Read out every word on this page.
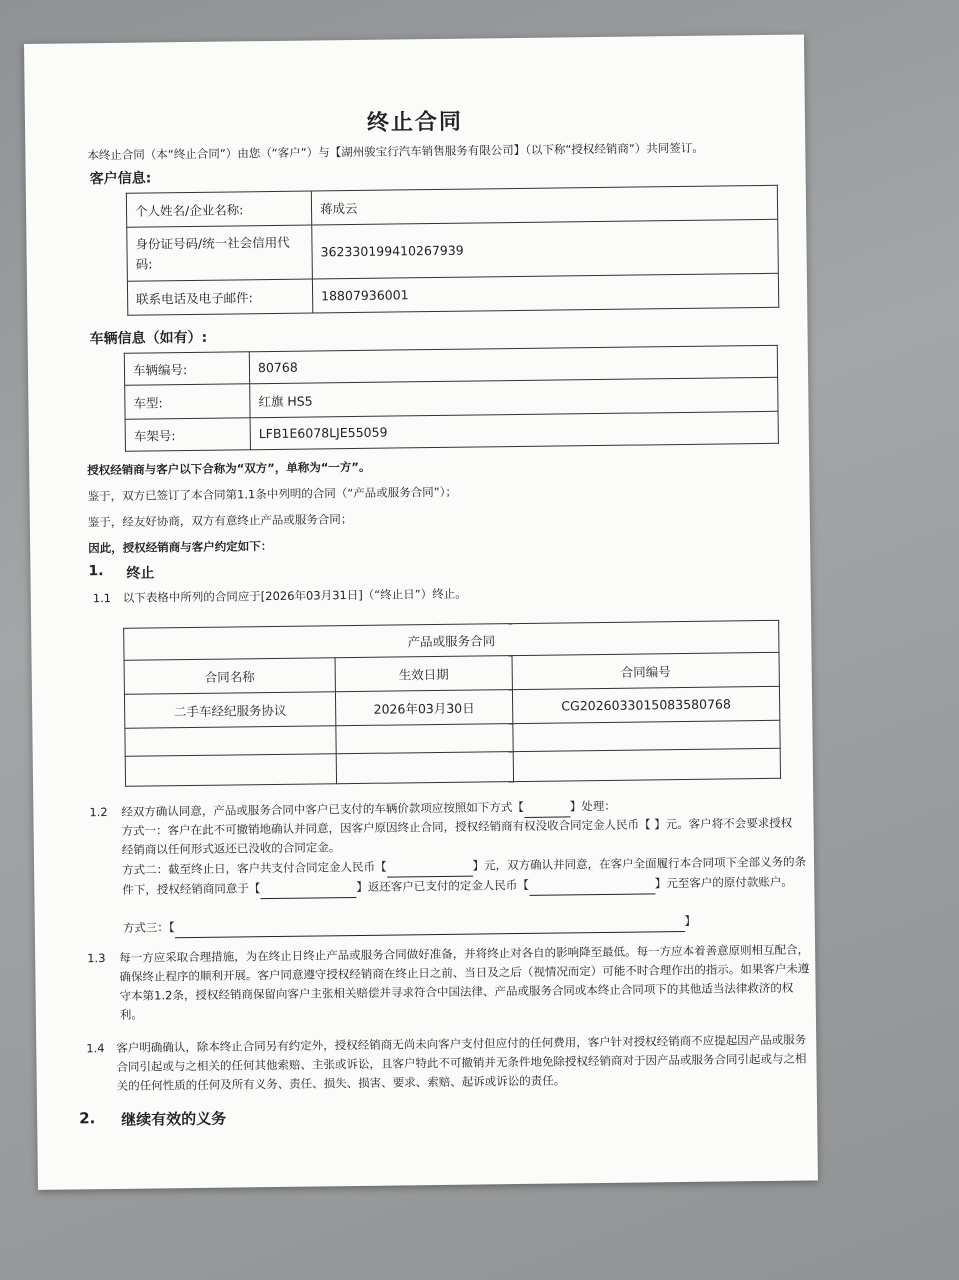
终止合同
本终止合同（本“终止合同”）由您（“客户”）与【湖州骏宝行汽车销售服务有限公司】（以下称“授权经销商”）共同签订。
客户信息:
个人姓名/企业名称:	蒋成云
身份证号码/统一社会信用代码:	362330199410267939
联系电话及电子邮件:	18807936001
车辆信息（如有）:
车辆编号:	80768
车型:	红旗 HS5
车架号:	LFB1E6078LJE55059
授权经销商与客户以下合称为“双方”，单称为“一方”。
鉴于，双方已签订了本合同第1.1条中列明的合同（“产品或服务合同”）；
鉴于，经友好协商，双方有意终止产品或服务合同；
因此，授权经销商与客户约定如下：
1. 终止
1.1 以下表格中所列的合同应于[2026年03月31日]（“终止日”）终止。
产品或服务合同		
合同名称	生效日期	合同编号
二手车经纪服务协议	2026年03月30日	CG2026033015083580768

1.2 经双方确认同意，产品或服务合同中客户已支付的车辆价款项应按照如下方式【	】处理：
方式一：客户在此不可撤销地确认并同意，因客户原因终止合同，授权经销商有权没收合同定金人民币【 】元。客户将不会要求授权经销商以任何形式返还已没收的合同定金。
方式二：截至终止日，客户共支付合同定金人民币【	】元，双方确认并同意，在客户全面履行本合同项下全部义务的条件下，授权经销商同意于【	】返还客户已支付的定金人民币【	】元至客户的原付款账户。
方式三：【	】
1.3 每一方应采取合理措施，为在终止日终止产品或服务合同做好准备，并将终止对各自的影响降至最低。每一方应本着善意原则相互配合，确保终止程序的顺利开展。客户同意遵守授权经销商在终止日之前、当日及之后（视情况而定）可能不时合理作出的指示。如果客户未遵守本第1.2条，授权经销商保留向客户主张相关赔偿并寻求符合中国法律、产品或服务合同或本终止合同项下的其他适当法律救济的权利。
1.4 客户明确确认，除本终止合同另有约定外，授权经销商无尚未向客户支付但应付的任何费用，客户针对授权经销商不应提起因产品或服务合同引起或与之相关的任何其他索赔、主张或诉讼，且客户特此不可撤销并无条件地免除授权经销商对于因产品或服务合同引起或与之相关的任何性质的任何及所有义务、责任、损失、损害、要求、索赔、起诉或诉讼的责任。
2. 继续有效的义务
